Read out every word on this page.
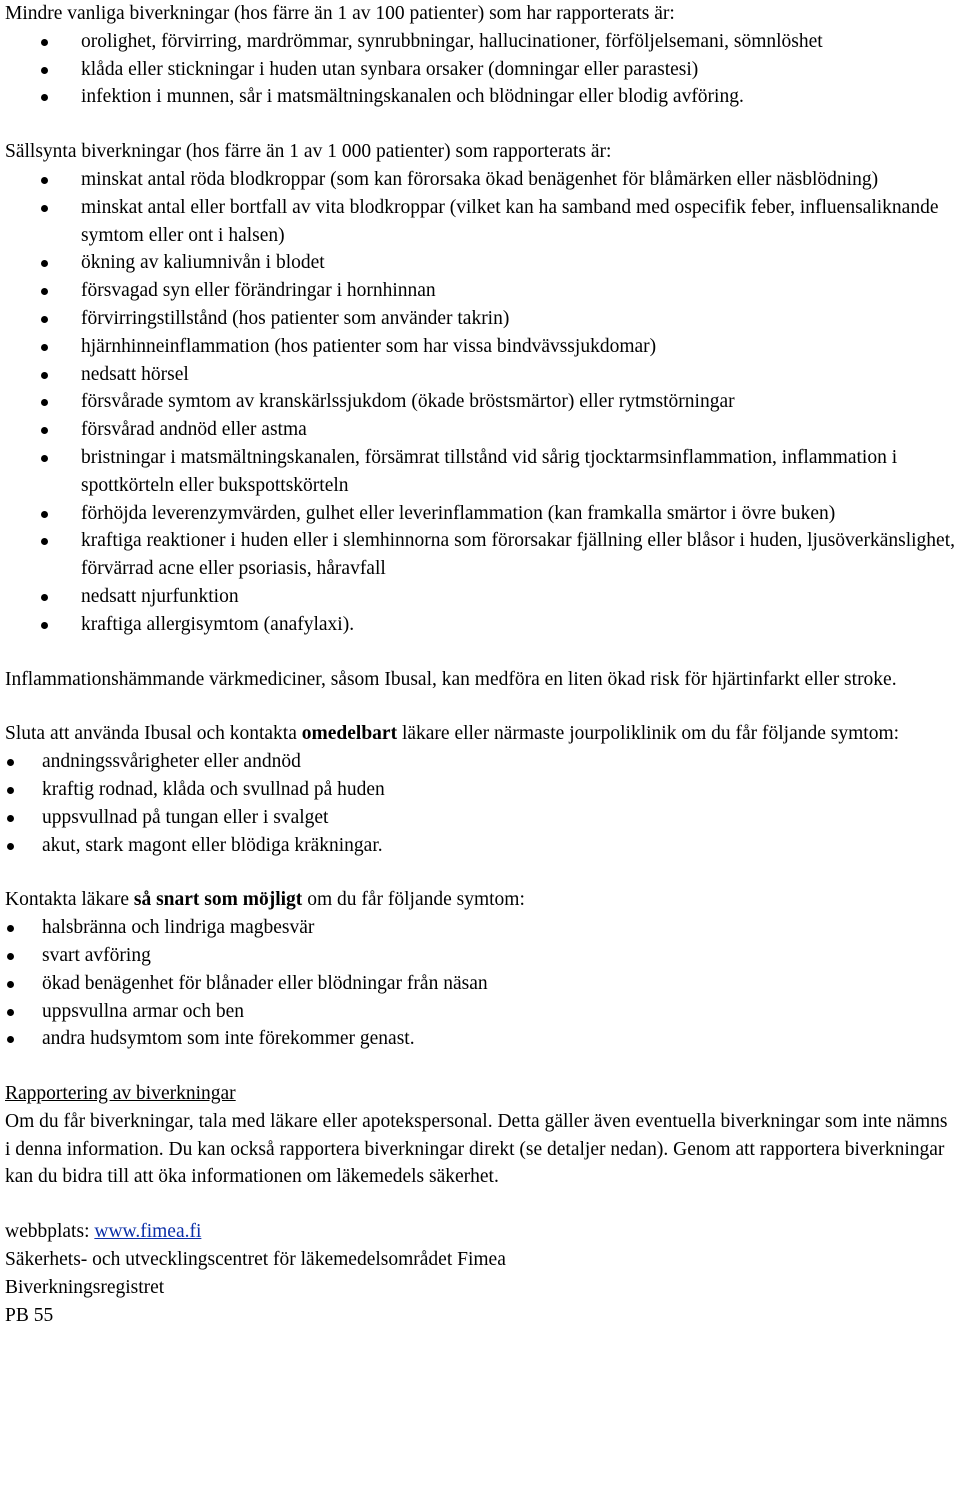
Mindre vanliga biverkningar (hos färre än 1 av 100 patienter) som har rapporterats är:

orolighet, förvirring, mardrömmar, synrubbningar, hallucinationer, förföljelsemani, sömnlöshet
klåda eller stickningar i huden utan synbara orsaker (domningar eller parastesi)
infektion i munnen, sår i matsmältningskanalen och blödningar eller blodig avföring.

Sällsynta biverkningar (hos färre än 1 av 1 000 patienter) som rapporterats är:

minskat antal röda blodkroppar (som kan förorsaka ökad benägenhet för blåmärken eller näsblödning)
minskat antal eller bortfall av vita blodkroppar (vilket kan ha samband med ospecifik feber, influensaliknande symtom eller ont i halsen)
ökning av kaliumnivån i blodet
försvagad syn eller förändringar i hornhinnan
förvirringstillstånd (hos patienter som använder takrin)
hjärnhinneinflammation (hos patienter som har vissa bindvävssjukdomar)
nedsatt hörsel
försvårade symtom av kranskärlssjukdom (ökade bröstsmärtor) eller rytmstörningar
försvårad andnöd eller astma
bristningar i matsmältningskanalen, försämrat tillstånd vid sårig tjocktarmsinflammation, inflammation i spottkörteln eller bukspottskörteln
förhöjda leverenzymvärden, gulhet eller leverinflammation (kan framkalla smärtor i övre buken)
kraftiga reaktioner i huden eller i slemhinnorna som förorsakar fjällning eller blåsor i huden, ljusöverkänslighet, förvärrad acne eller psoriasis, håravfall
nedsatt njurfunktion
kraftiga allergisymtom (anafylaxi).

Inflammationshämmande värkmediciner, såsom Ibusal, kan medföra en liten ökad risk för hjärtinfarkt eller stroke.

Sluta att använda Ibusal och kontakta omedelbart läkare eller närmaste jourpoliklinik om du får följande symtom:

andningssvårigheter eller andnöd
kraftig rodnad, klåda och svullnad på huden
uppsvullnad på tungan eller i svalget
akut, stark magont eller blödiga kräkningar.

Kontakta läkare så snart som möjligt om du får följande symtom:

halsbränna och lindriga magbesvär
svart avföring
ökad benägenhet för blånader eller blödningar från näsan
uppsvullna armar och ben
andra hudsymtom som inte förekommer genast.

Rapportering av biverkningar

Om du får biverkningar, tala med läkare eller apotekspersonal. Detta gäller även eventuella biverkningar som inte nämns i denna information. Du kan också rapportera biverkningar direkt (se detaljer nedan). Genom att rapportera biverkningar kan du bidra till att öka informationen om läkemedels säkerhet.

webbplats: www.fimea.fi

Säkerhets- och utvecklingscentret för läkemedelsområdet Fimea

Biverkningsregistret

PB 55
